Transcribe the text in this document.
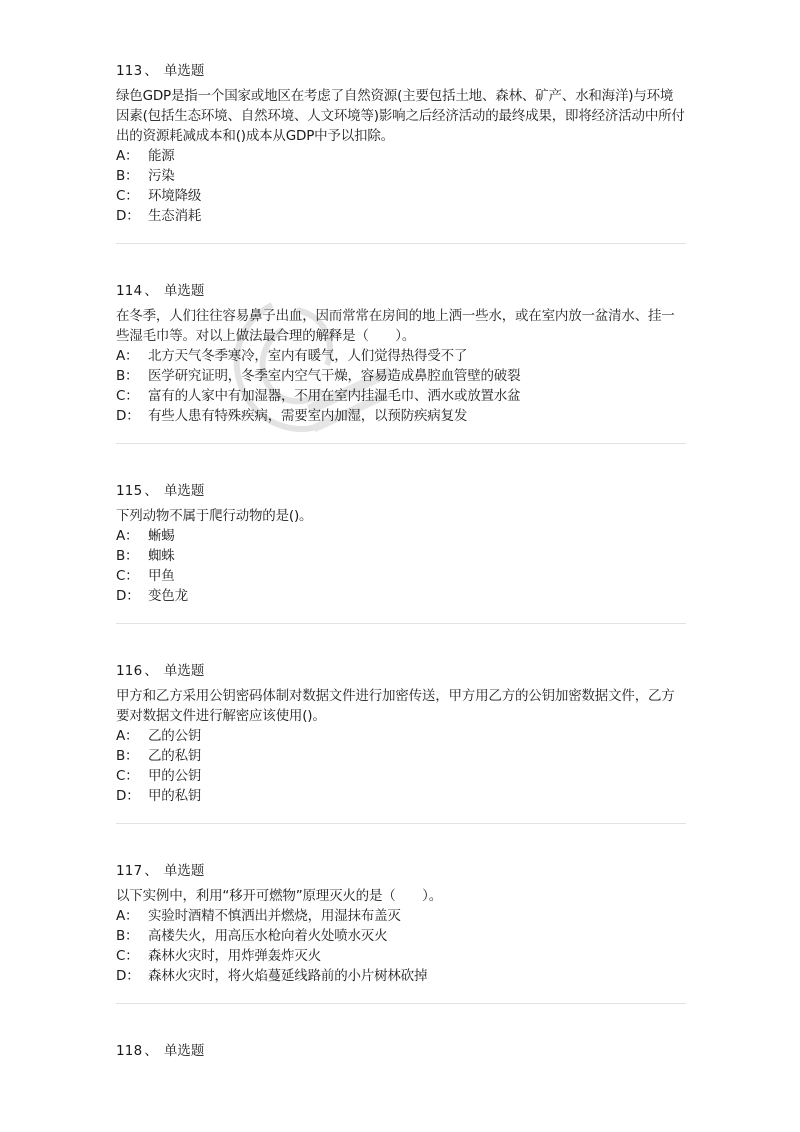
113 、 单选题
绿色GDP是指一个国家或地区在考虑了自然资源(主要包括土地、森林、矿产、水和海洋)与环境因素(包括生态环境、自然环境、人文环境等)影响之后经济活动的最终成果，即将经济活动中所付出的资源耗减成本和()成本从GDP中予以扣除。
A： 能源
B： 污染
C： 环境降级
D： 生态消耗
114 、 单选题
在冬季，人们往往容易鼻子出血，因而常常在房间的地上洒一些水，或在室内放一盆清水、挂一些湿毛巾等。对以上做法最合理的解释是（　　）。
A： 北方天气冬季寒冷，室内有暖气，人们觉得热得受不了
B： 医学研究证明，冬季室内空气干燥，容易造成鼻腔血管壁的破裂
C： 富有的人家中有加湿器，不用在室内挂湿毛巾、洒水或放置水盆
D： 有些人患有特殊疾病，需要室内加湿，以预防疾病复发
115 、 单选题
下列动物不属于爬行动物的是()。
A： 蜥蜴
B： 蜘蛛
C： 甲鱼
D： 变色龙
116 、 单选题
甲方和乙方采用公钥密码体制对数据文件进行加密传送，甲方用乙方的公钥加密数据文件，乙方要对数据文件进行解密应该使用()。
A： 乙的公钥
B： 乙的私钥
C： 甲的公钥
D： 甲的私钥
117 、 单选题
以下实例中，利用“移开可燃物”原理灭火的是（　　）。
A： 实验时酒精不慎洒出并燃烧，用湿抹布盖灭
B： 高楼失火，用高压水枪向着火处喷水灭火
C： 森林火灾时，用炸弹轰炸灭火
D： 森林火灾时，将火焰蔓延线路前的小片树林砍掉
118 、 单选题
